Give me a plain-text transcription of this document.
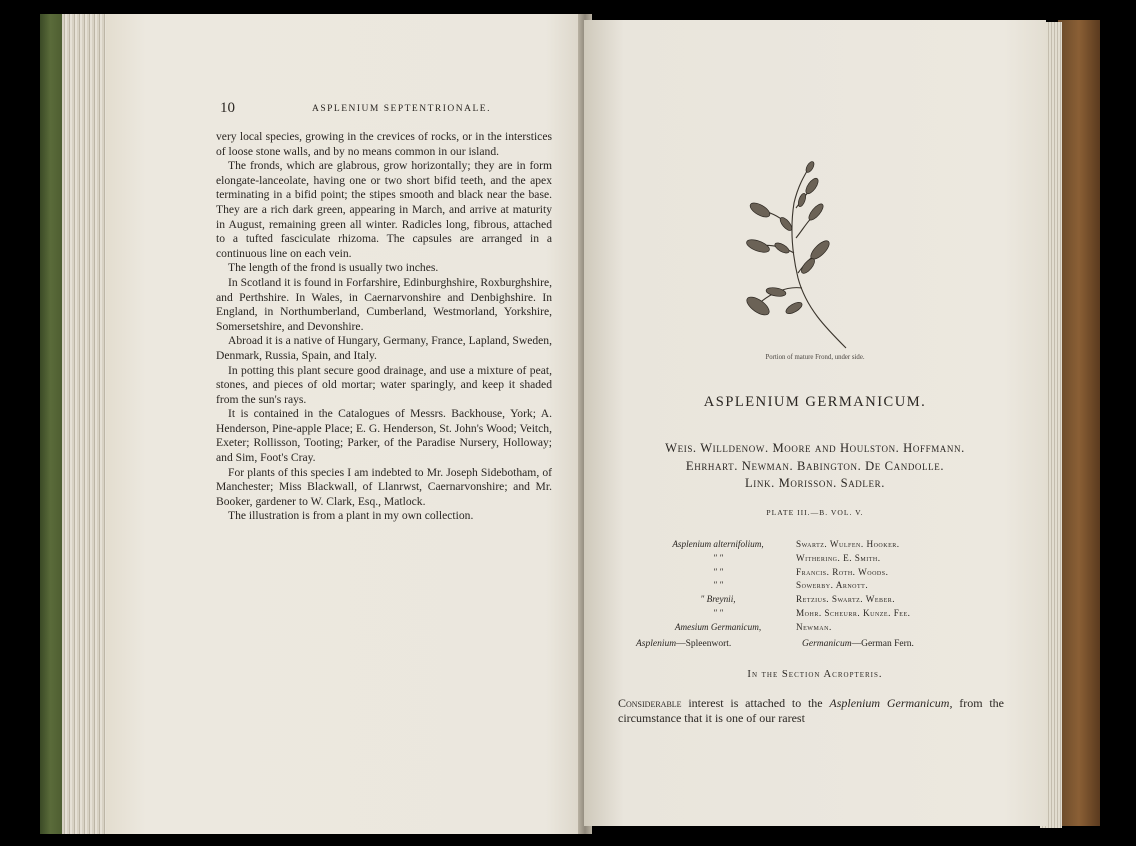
10	ASPLENIUM SEPTENTRIONALE.

very local species, growing in the crevices of rocks, or in the interstices of loose stone walls, and by no means common in our island.

The fronds, which are glabrous, grow horizontally; they are in form elongate-lanceolate, having one or two short bifid teeth, and the apex terminating in a bifid point; the stipes smooth and black near the base. They are a rich dark green, appearing in March, and arrive at maturity in August, remaining green all winter. Radicles long, fibrous, attached to a tufted fasciculate rhizoma. The capsules are arranged in a continuous line on each vein.

The length of the frond is usually two inches.

In Scotland it is found in Forfarshire, Edinburghshire, Roxburghshire, and Perthshire. In Wales, in Caernarvonshire and Denbighshire. In England, in Northumberland, Cumberland, Westmorland, Yorkshire, Somersetshire, and Devonshire.

Abroad it is a native of Hungary, Germany, France, Lapland, Sweden, Denmark, Russia, Spain, and Italy.

In potting this plant secure good drainage, and use a mixture of peat, stones, and pieces of old mortar; water sparingly, and keep it shaded from the sun's rays.

It is contained in the Catalogues of Messrs. Backhouse, York; A. Henderson, Pine-apple Place; E. G. Henderson, St. John's Wood; Veitch, Exeter; Rollisson, Tooting; Parker, of the Paradise Nursery, Holloway; and Sim, Foot's Cray.

For plants of this species I am indebted to Mr. Joseph Sidebotham, of Manchester; Miss Blackwall, of Llanrwst, Caernarvonshire; and Mr. Booker, gardener to W. Clark, Esq., Matlock.

The illustration is from a plant in my own collection.

Portion of mature Frond, under side.
ASPLENIUM GERMANICUM.
Weis. Willdenow. Moore and Houlston. Hoffmann.
Ehrhart. Newman. Babington. De Candolle.
Link. Morisson. Sadler.
PLATE III.—B. VOL. V.
Asplenium alternifolium,
" "
" "
" "
" Breynii,
" "
Amesium Germanicum,
Swartz. Wulfen. Hooker.
Withering. E. Smith.
Francis. Roth. Woods.
Sowerby. Arnott.
Retzius. Swartz. Weber.
Mohr. Scheurr. Kunze. Fee.
Newman.
Asplenium—Spleenwort.	Germanicum—German Fern.
In the Section Acropteris.
Considerable interest is attached to the Asplenium Germanicum, from the circumstance that it is one of our rarest
